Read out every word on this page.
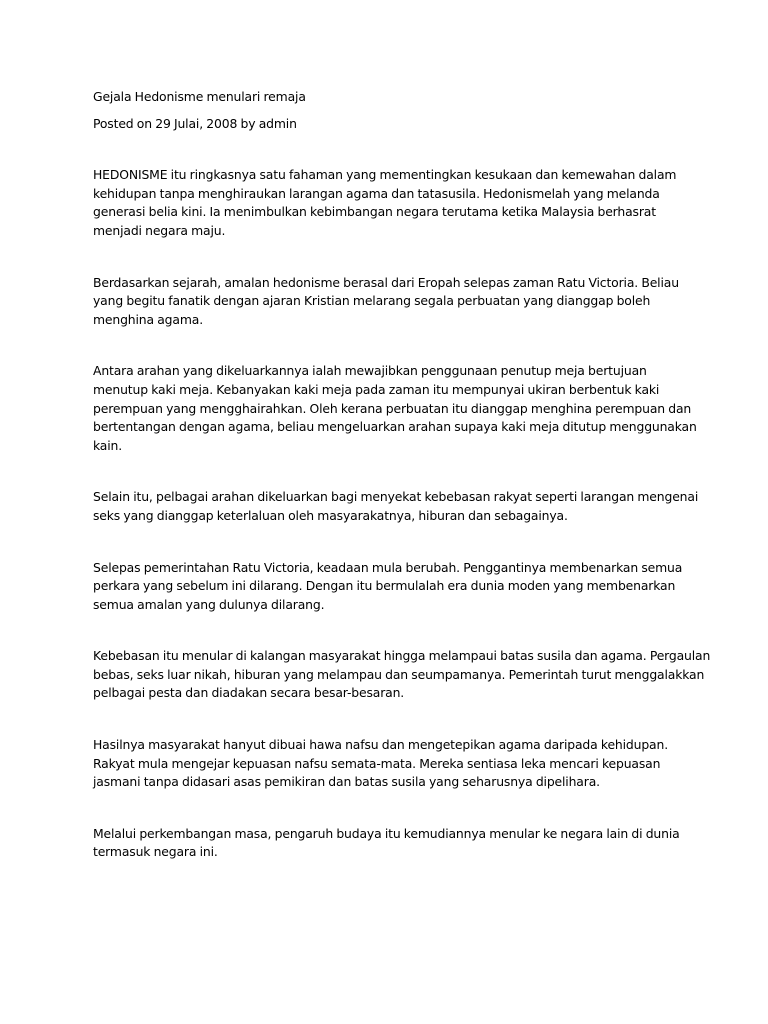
Gejala Hedonisme menulari remaja
Posted on 29 Julai, 2008 by admin
HEDONISME itu ringkasnya satu fahaman yang mementingkan kesukaan dan kemewahan dalam
kehidupan tanpa menghiraukan larangan agama dan tatasusila. Hedonismelah yang melanda
generasi belia kini. Ia menimbulkan kebimbangan negara terutama ketika Malaysia berhasrat
menjadi negara maju.
Berdasarkan sejarah, amalan hedonisme berasal dari Eropah selepas zaman Ratu Victoria. Beliau
yang begitu fanatik dengan ajaran Kristian melarang segala perbuatan yang dianggap boleh
menghina agama.
Antara arahan yang dikeluarkannya ialah mewajibkan penggunaan penutup meja bertujuan
menutup kaki meja. Kebanyakan kaki meja pada zaman itu mempunyai ukiran berbentuk kaki
perempuan yang mengghairahkan. Oleh kerana perbuatan itu dianggap menghina perempuan dan
bertentangan dengan agama, beliau mengeluarkan arahan supaya kaki meja ditutup menggunakan
kain.
Selain itu, pelbagai arahan dikeluarkan bagi menyekat kebebasan rakyat seperti larangan mengenai
seks yang dianggap keterlaluan oleh masyarakatnya, hiburan dan sebagainya.
Selepas pemerintahan Ratu Victoria, keadaan mula berubah. Penggantinya membenarkan semua
perkara yang sebelum ini dilarang. Dengan itu bermulalah era dunia moden yang membenarkan
semua amalan yang dulunya dilarang.
Kebebasan itu menular di kalangan masyarakat hingga melampaui batas susila dan agama. Pergaulan
bebas, seks luar nikah, hiburan yang melampau dan seumpamanya. Pemerintah turut menggalakkan
pelbagai pesta dan diadakan secara besar-besaran.
Hasilnya masyarakat hanyut dibuai hawa nafsu dan mengetepikan agama daripada kehidupan.
Rakyat mula mengejar kepuasan nafsu semata-mata. Mereka sentiasa leka mencari kepuasan
jasmani tanpa didasari asas pemikiran dan batas susila yang seharusnya dipelihara.
Melalui perkembangan masa, pengaruh budaya itu kemudiannya menular ke negara lain di dunia
termasuk negara ini.
